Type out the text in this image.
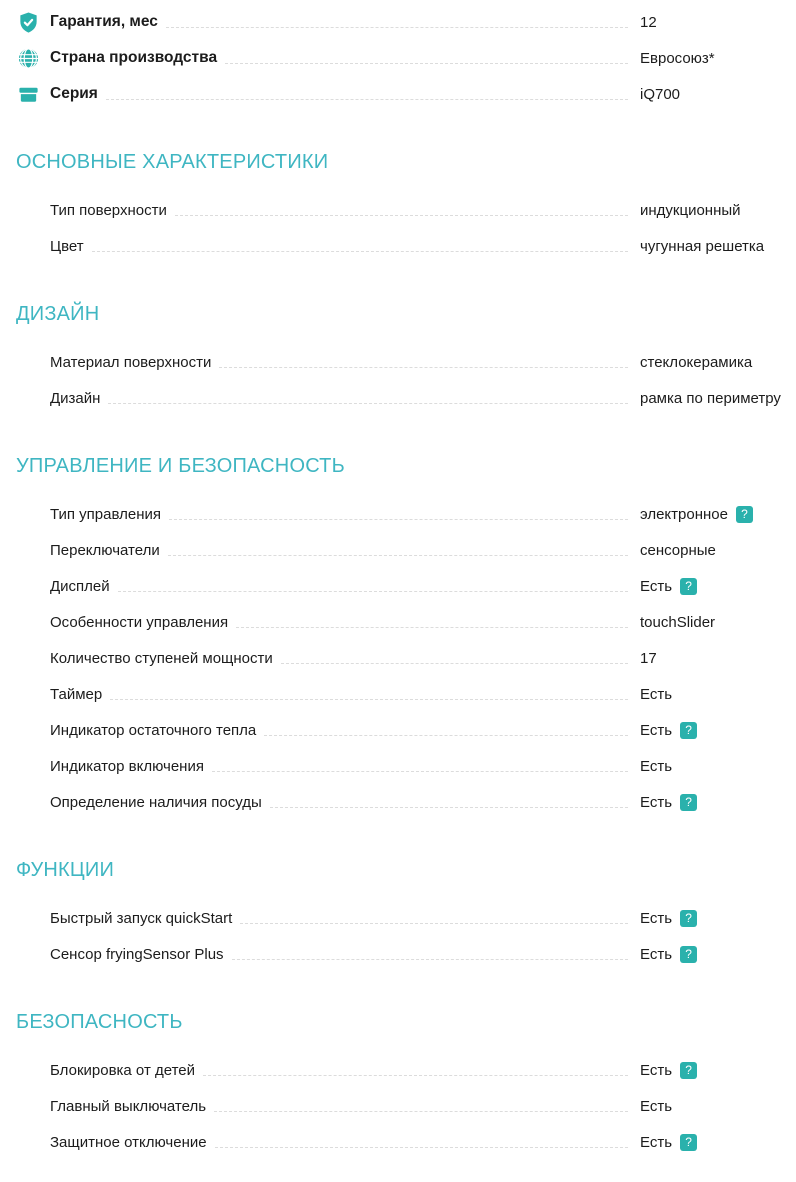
Гарантия, мес	12
Страна производства	Евросоюз*
Серия	iQ700
ОСНОВНЫЕ ХАРАКТЕРИСТИКИ
Тип поверхности	индукционный
Цвет	чугунная решетка
ДИЗАЙН
Материал поверхности	стеклокерамика
Дизайн	рамка по периметру
УПРАВЛЕНИЕ И БЕЗОПАСНОСТЬ
Тип управления	электронное	?
Переключатели	сенсорные
Дисплей	Есть	?
Особенности управления	touchSlider
Количество ступеней мощности	17
Таймер	Есть
Индикатор остаточного тепла	Есть	?
Индикатор включения	Есть
Определение наличия посуды	Есть	?
ФУНКЦИИ
Быстрый запуск quickStart	Есть	?
Сенсор fryingSensor Plus	Есть	?
БЕЗОПАСНОСТЬ
Блокировка от детей	Есть	?
Главный выключатель	Есть
Защитное отключение	Есть	?
